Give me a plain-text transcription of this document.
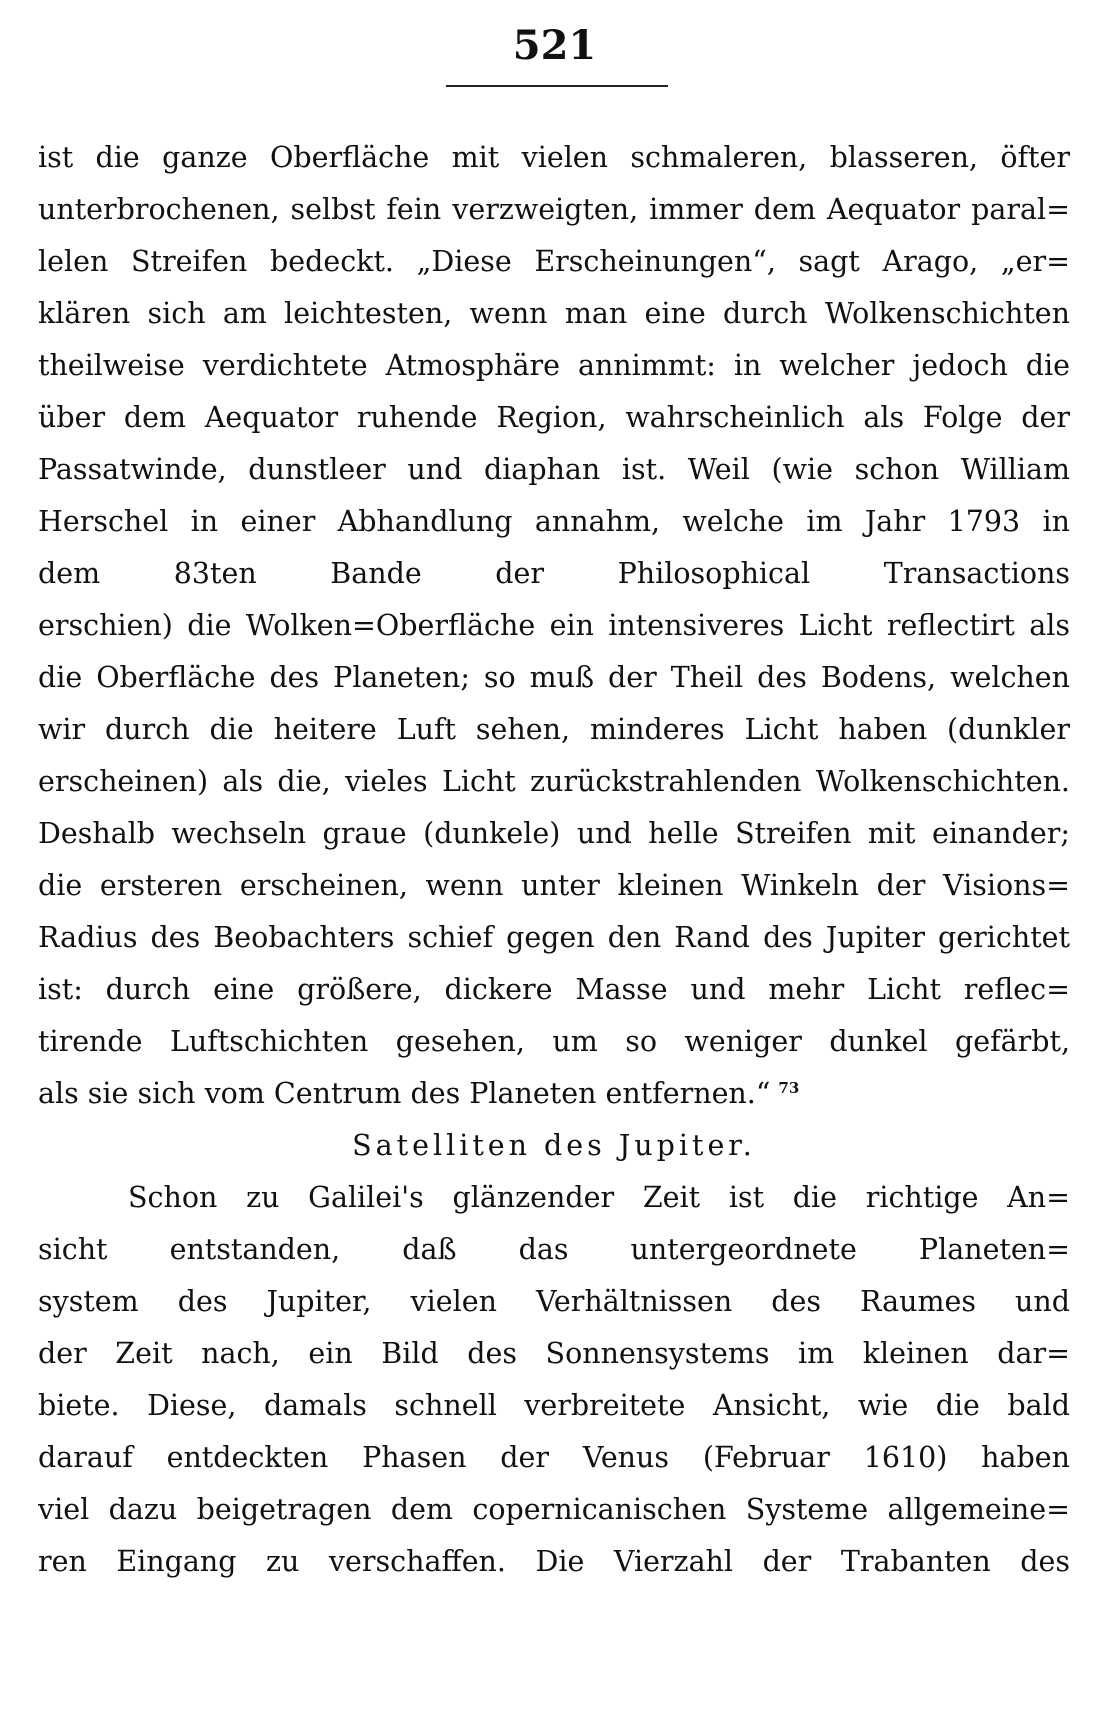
521
ist die ganze Oberfläche mit vielen schmaleren, blasseren, öfter
unterbrochenen, selbst fein verzweigten, immer dem Aequator paral=
lelen Streifen bedeckt. „Diese Erscheinungen“, sagt Arago, „er=
klären sich am leichtesten, wenn man eine durch Wolkenschichten
theilweise verdichtete Atmosphäre annimmt: in welcher jedoch die
über dem Aequator ruhende Region, wahrscheinlich als Folge der
Passatwinde, dunstleer und diaphan ist. Weil (wie schon William
Herschel in einer Abhandlung annahm, welche im Jahr 1793 in
dem 83ten Bande der Philosophical Transactions
erschien) die Wolken=Oberfläche ein intensiveres Licht reflectirt als
die Oberfläche des Planeten; so muß der Theil des Bodens, welchen
wir durch die heitere Luft sehen, minderes Licht haben (dunkler
erscheinen) als die, vieles Licht zurückstrahlenden Wolkenschichten.
Deshalb wechseln graue (dunkele) und helle Streifen mit einander;
die ersteren erscheinen, wenn unter kleinen Winkeln der Visions=
Radius des Beobachters schief gegen den Rand des Jupiter gerichtet
ist: durch eine größere, dickere Masse und mehr Licht reflec=
tirende Luftschichten gesehen, um so weniger dunkel gefärbt,
als sie sich vom Centrum des Planeten entfernen.“ $^{73}$
Satelliten des Jupiter.
Schon zu Galilei's glänzender Zeit ist die richtige An=
sicht entstanden, daß das untergeordnete Planeten=
system des Jupiter, vielen Verhältnissen des Raumes und
der Zeit nach, ein Bild des Sonnensystems im kleinen dar=
biete. Diese, damals schnell verbreitete Ansicht, wie die bald
darauf entdeckten Phasen der Venus (Februar 1610) haben
viel dazu beigetragen dem copernicanischen Systeme allgemeine=
ren Eingang zu verschaffen. Die Vierzahl der Trabanten des
